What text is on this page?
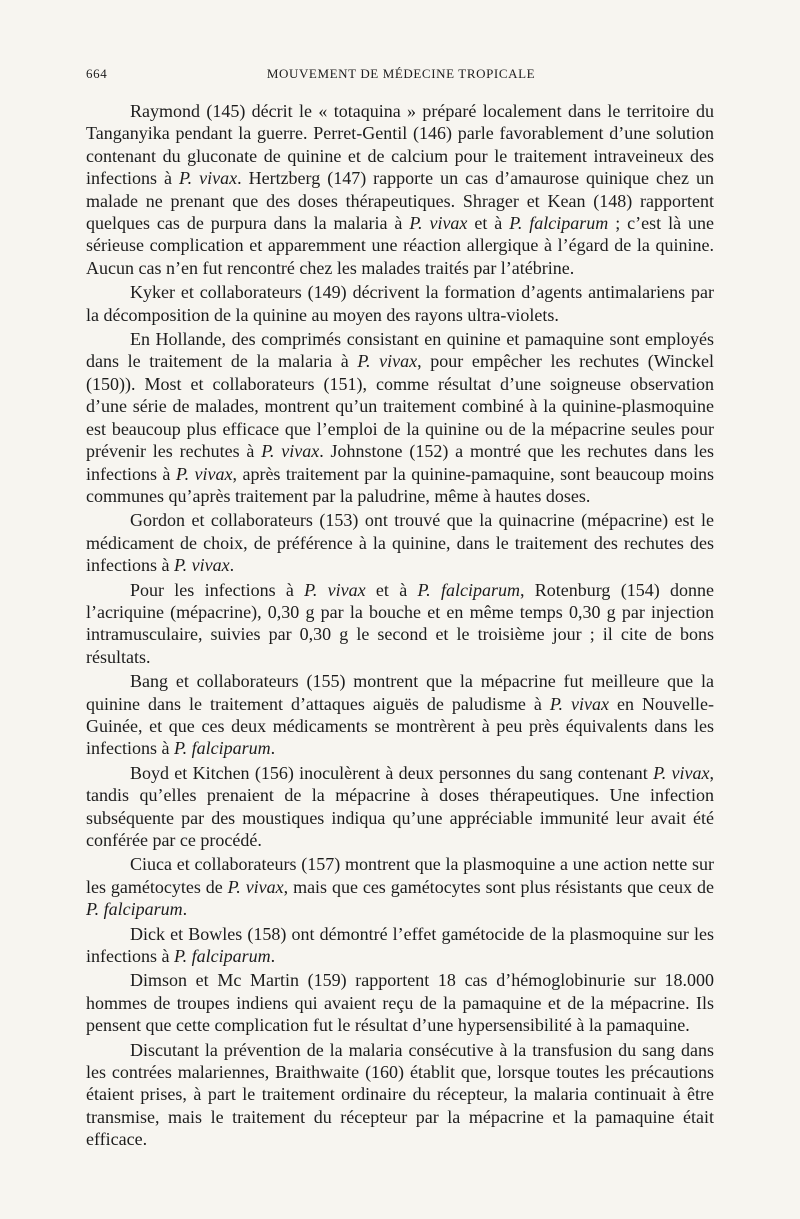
664	MOUVEMENT DE MÉDECINE TROPICALE

Raymond (145) décrit le « totaquina » préparé localement dans le territoire du Tanganyika pendant la guerre. Perret-Gentil (146) parle favorablement d’une solution contenant du gluconate de quinine et de calcium pour le traitement intraveineux des infections à P. vivax. Hertzberg (147) rapporte un cas d’amaurose quinique chez un malade ne prenant que des doses thérapeutiques. Shrager et Kean (148) rapportent quelques cas de purpura dans la malaria à P. vivax et à P. falciparum ; c’est là une sérieuse complication et apparemment une réaction allergique à l’égard de la quinine. Aucun cas n’en fut rencontré chez les malades traités par l’atébrine.

Kyker et collaborateurs (149) décrivent la formation d’agents antimalariens par la décomposition de la quinine au moyen des rayons ultra-violets.

En Hollande, des comprimés consistant en quinine et pamaquine sont employés dans le traitement de la malaria à P. vivax, pour empêcher les rechutes (Winckel (150)). Most et collaborateurs (151), comme résultat d’une soigneuse observation d’une série de malades, montrent qu’un traitement combiné à la quinine-plasmoquine est beaucoup plus efficace que l’emploi de la quinine ou de la mépacrine seules pour prévenir les rechutes à P. vivax. Johnstone (152) a montré que les rechutes dans les infections à P. vivax, après traitement par la quinine-pamaquine, sont beaucoup moins communes qu’après traitement par la paludrine, même à hautes doses.

Gordon et collaborateurs (153) ont trouvé que la quinacrine (mépacrine) est le médicament de choix, de préférence à la quinine, dans le traitement des rechutes des infections à P. vivax.

Pour les infections à P. vivax et à P. falciparum, Rotenburg (154) donne l’acriquine (mépacrine), 0,30 g par la bouche et en même temps 0,30 g par injection intramusculaire, suivies par 0,30 g le second et le troisième jour ; il cite de bons résultats.

Bang et collaborateurs (155) montrent que la mépacrine fut meilleure que la quinine dans le traitement d’attaques aiguës de paludisme à P. vivax en Nouvelle-Guinée, et que ces deux médicaments se montrèrent à peu près équivalents dans les infections à P. falciparum.

Boyd et Kitchen (156) inoculèrent à deux personnes du sang contenant P. vivax, tandis qu’elles prenaient de la mépacrine à doses thérapeutiques. Une infection subséquente par des moustiques indiqua qu’une appréciable immunité leur avait été conférée par ce procédé.

Ciuca et collaborateurs (157) montrent que la plasmoquine a une action nette sur les gamétocytes de P. vivax, mais que ces gamétocytes sont plus résistants que ceux de P. falciparum.

Dick et Bowles (158) ont démontré l’effet gamétocide de la plasmoquine sur les infections à P. falciparum.

Dimson et Mc Martin (159) rapportent 18 cas d’hémoglobinurie sur 18.000 hommes de troupes indiens qui avaient reçu de la pamaquine et de la mépacrine. Ils pensent que cette complication fut le résultat d’une hypersensibilité à la pamaquine.

Discutant la prévention de la malaria consécutive à la transfusion du sang dans les contrées malariennes, Braithwaite (160) établit que, lorsque toutes les précautions étaient prises, à part le traitement ordinaire du récepteur, la malaria continuait à être transmise, mais le traitement du récepteur par la mépacrine et la pamaquine était efficace.
